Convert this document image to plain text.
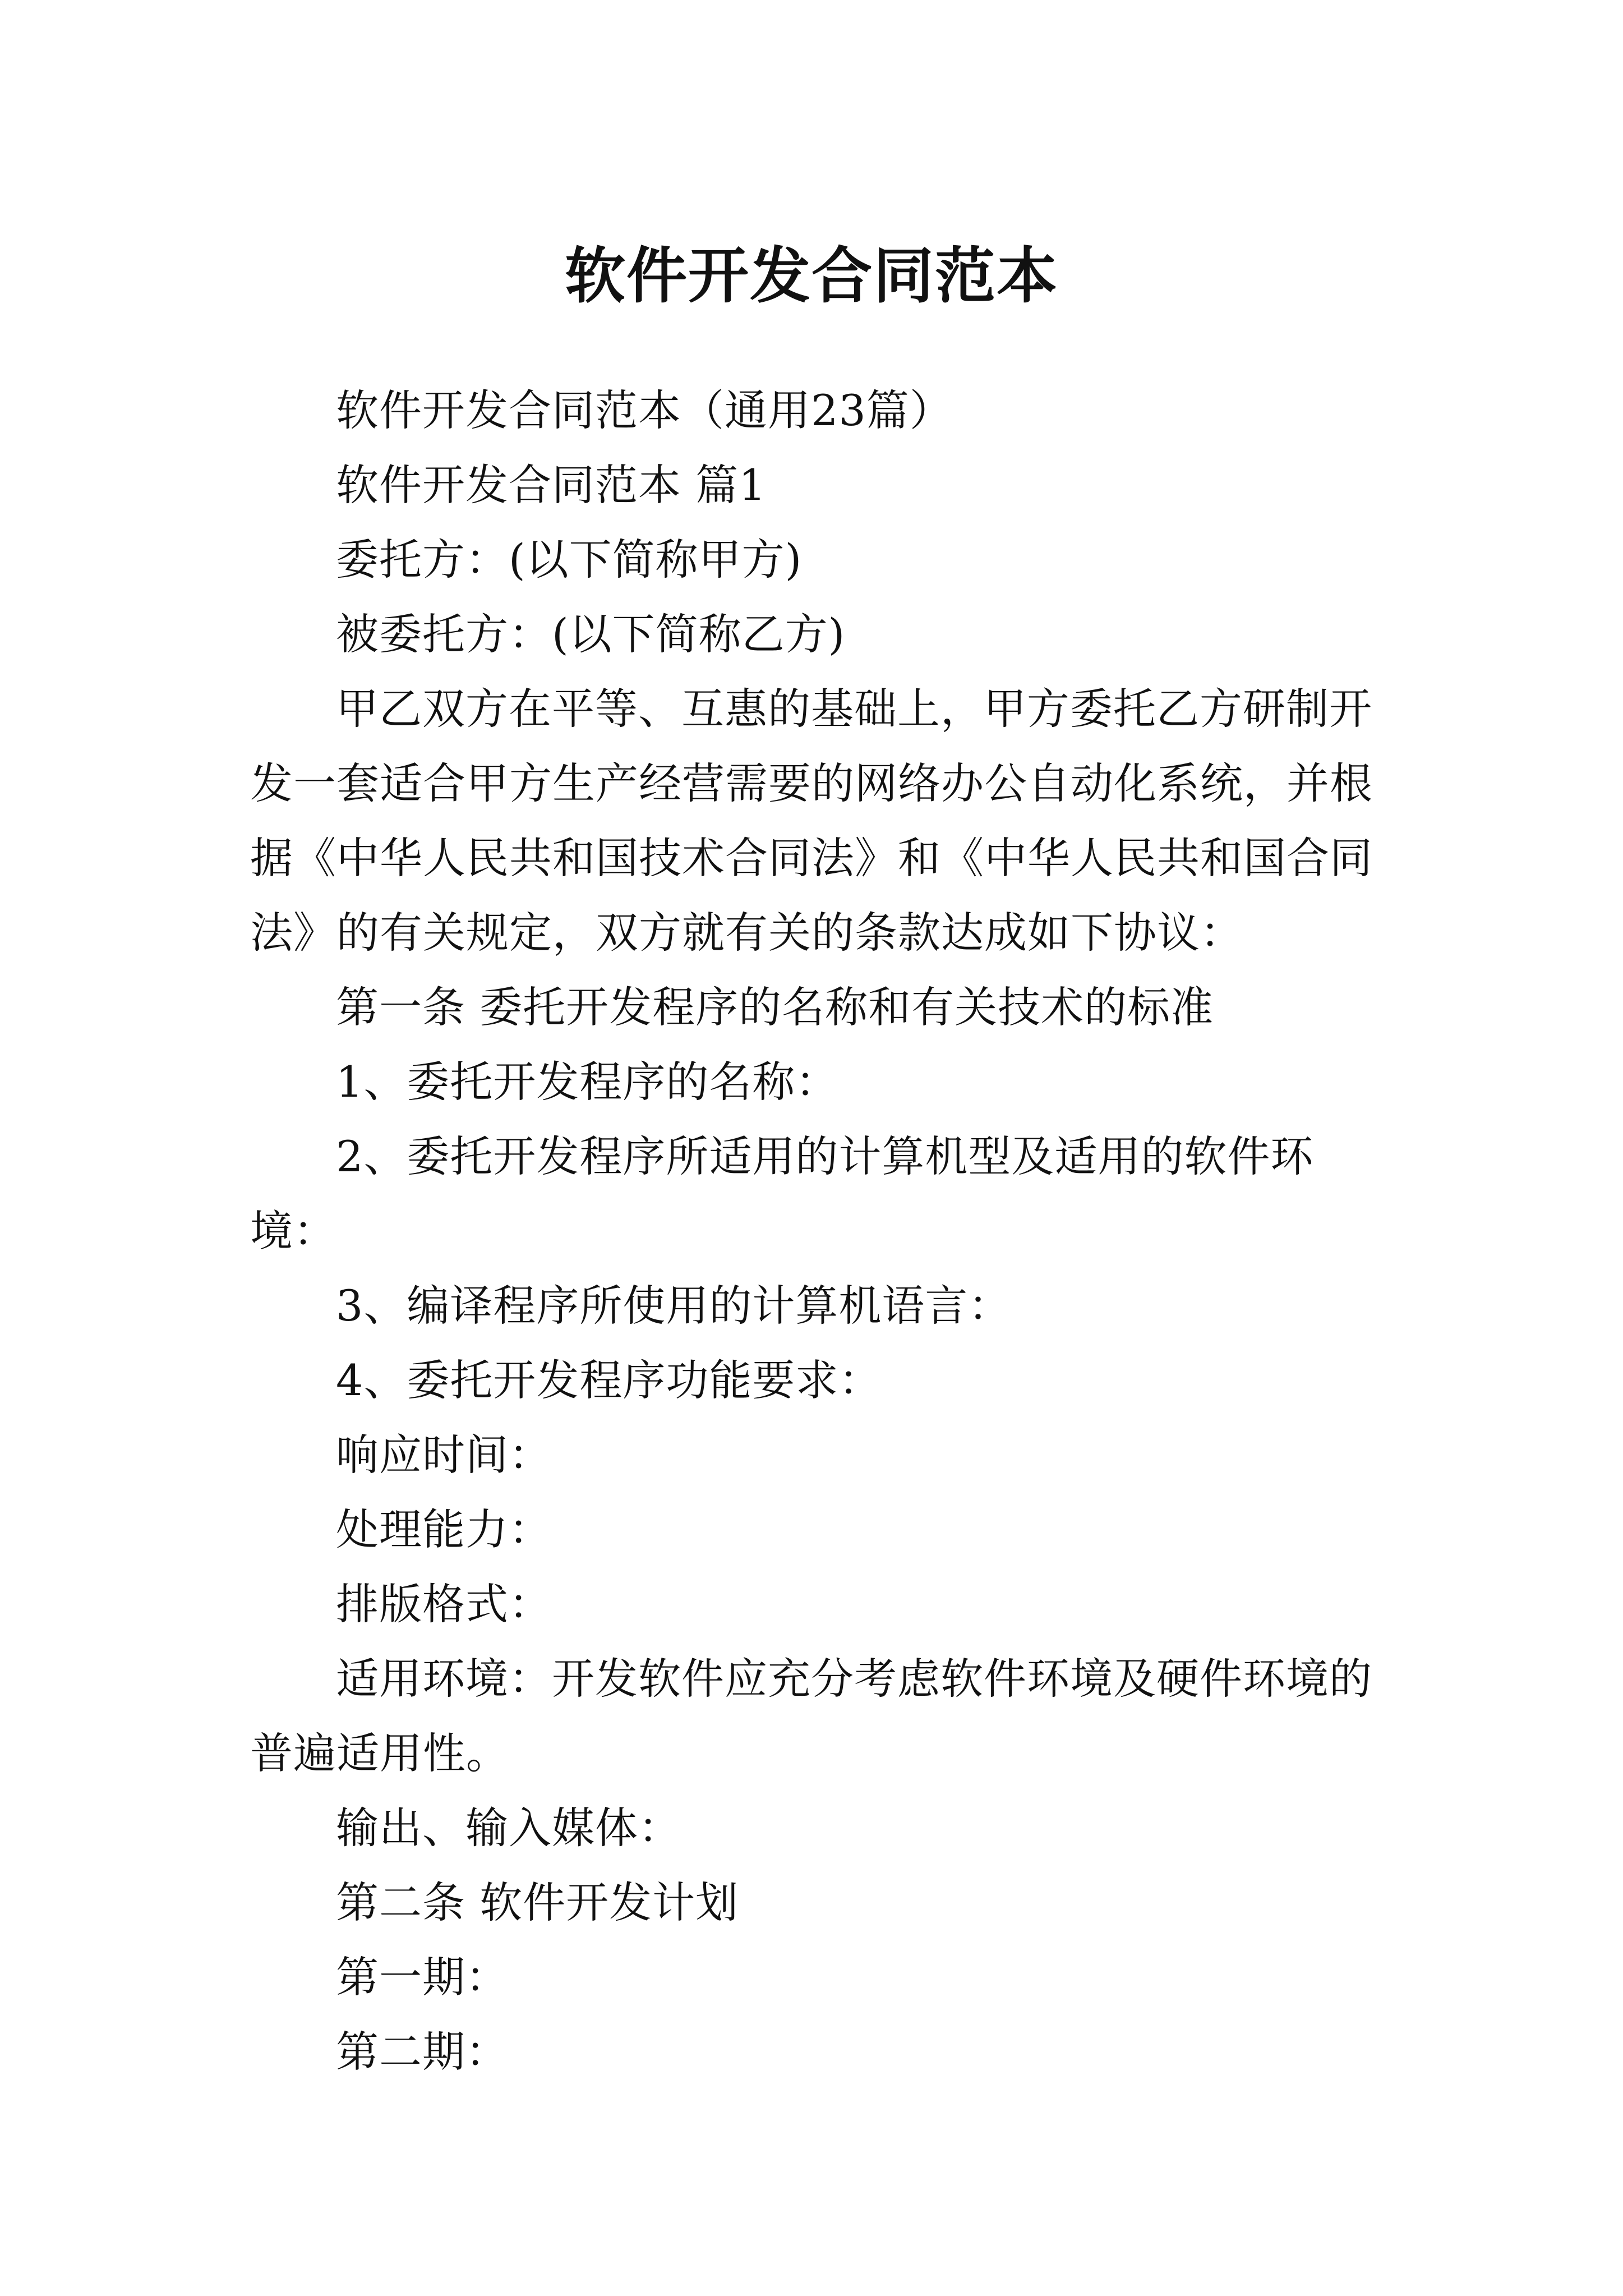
软件开发合同范本

软件开发合同范本（通用23篇）

软件开发合同范本 篇1

委托方：(以下简称甲方)

被委托方：(以下简称乙方)

甲乙双方在平等、互惠的基础上，甲方委托乙方研制开发一套适合甲方生产经营需要的网络办公自动化系统，并根据《中华人民共和国技术合同法》和《中华人民共和国合同法》的有关规定，双方就有关的条款达成如下协议：

第一条 委托开发程序的名称和有关技术的标准

1、委托开发程序的名称：

2、委托开发程序所适用的计算机型及适用的软件环境：

3、编译程序所使用的计算机语言：

4、委托开发程序功能要求：

响应时间：

处理能力：

排版格式：

适用环境：开发软件应充分考虑软件环境及硬件环境的普遍适用性。

输出、输入媒体：

第二条 软件开发计划

第一期：

第二期：
